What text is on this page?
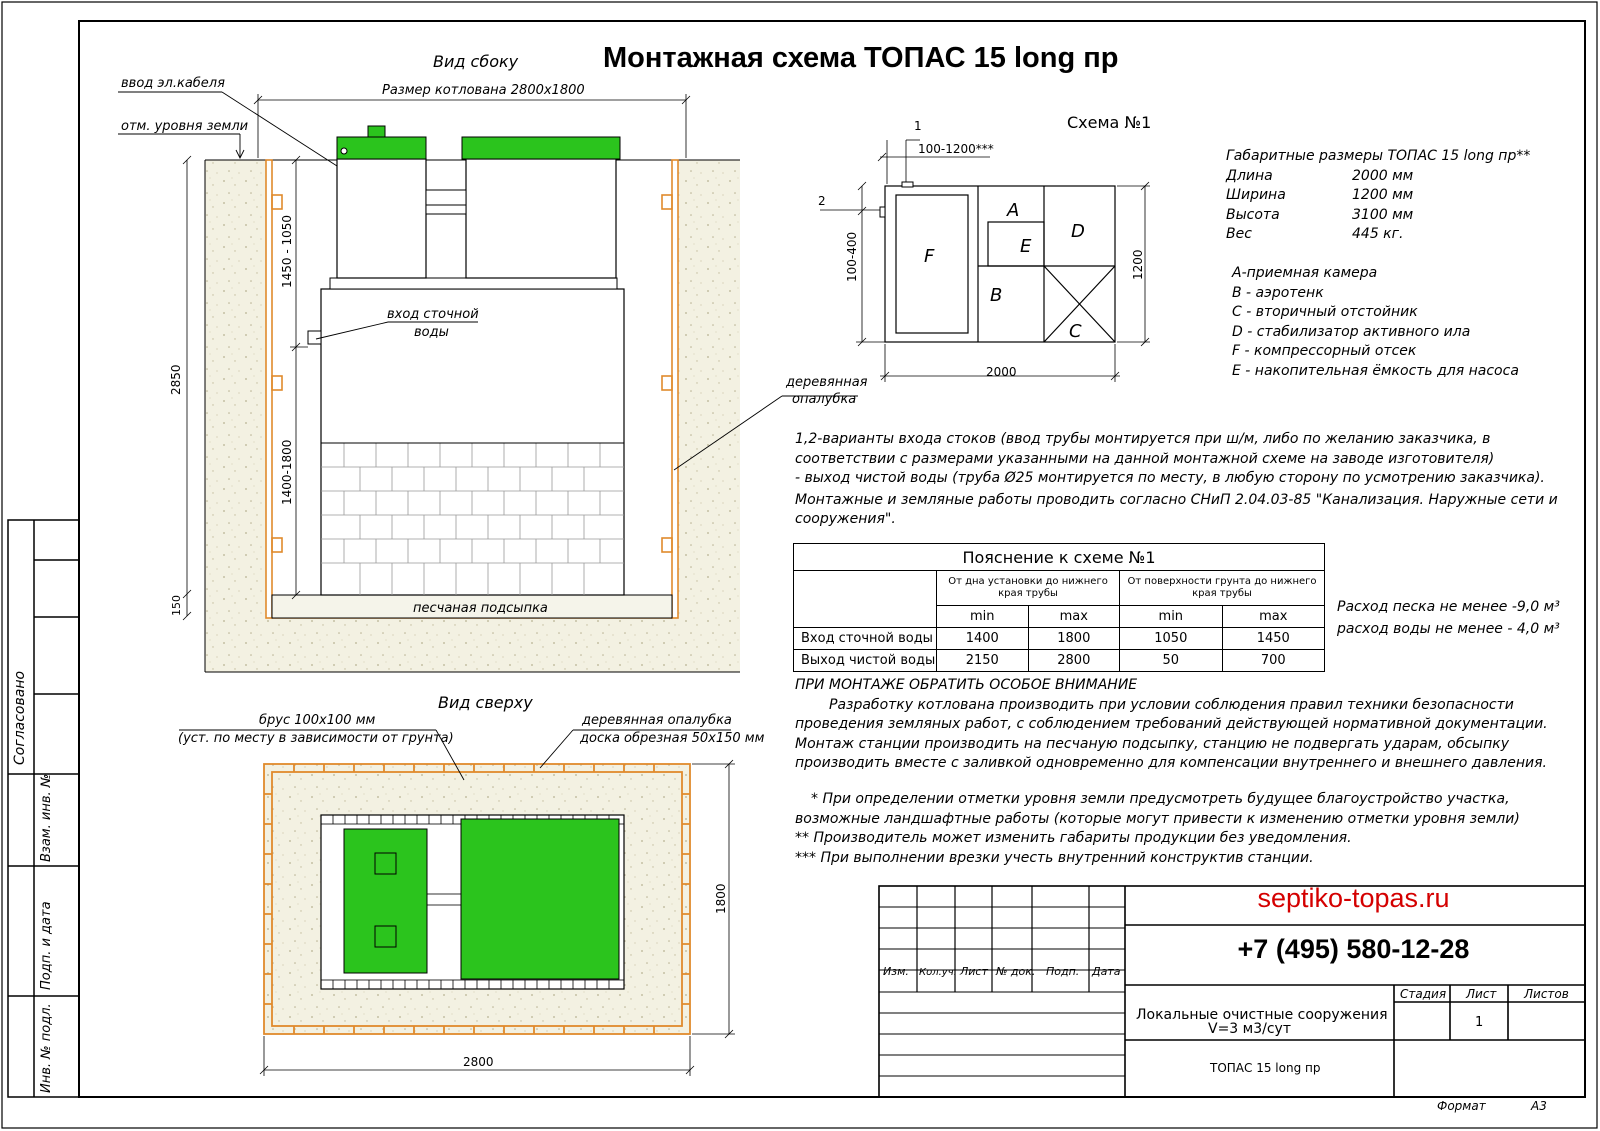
Согласовано
Взам. инв. №
Подп. и дата
Инв. № подл.
Монтажная схема ТОПАС 15 long пр
Вид сбоку
песчаная подсыпка
Размер котлована 2800х1800
2850
1450 - 1050
1400-1800
150
ввод эл.кабеля
отм. уровня земли
вход сточной
воды
деревянная
опалубка
Вид сверху
брус 100х100 мм
(уст. по месту в зависимости от грунта)
деревянная опалубка
доска обрезная 50х150 мм
2800
1800
Схема №1
A
E
D
F
B
C
1
2
100-1200***
100-400
2000
1200
Изм. Кол.уч. Лист № док. Подп. Дата
Стадия Лист Листов
1
Локальные очистные сооружения
V=3 м3/сут
ТОПАС 15 long пр
Формат	А3
Габаритные размеры ТОПАС 15 long пр**
Длина	2000 мм
Ширина	1200 мм
Высота	3100 мм
Вес	445 кг.

А-приемная камера

В - аэротенк

С - вторичный отстойник

D - стабилизатор активного ила

F - компрессорный отсек

Е - накопительная ёмкость для насоса

1,2-варианты входа стоков (ввод трубы монтируется при ш/м, либо по желанию заказчика, в соответствии с размерами указанными на данной монтажной схеме на заводе изготовителя)

- выход чистой воды (труба Ø25 монтируется по месту, в любую сторону по усмотрению заказчика).

Монтажные и земляные работы проводить согласно СНиП 2.04.03-85 "Канализация. Наружные сети и сооружения".

Пояснение к схеме №1				
	От дна установки до нижнего края трубы		От поверхности грунта до нижнего края трубы	
	min	max	min	max
Вход сточной воды	1400	1800	1050	1450
Выход чистой воды	2150	2800	50	700

Расход песка не менее -9,0 м³

расход воды не менее - 4,0 м³

ПРИ МОНТАЖЕ ОБРАТИТЬ ОСОБОЕ ВНИМАНИЕ

Разработку котлована производить при условии соблюдения правил техники безопасности проведения земляных работ, с соблюдением требований действующей нормативной документации. Монтаж станции производить на песчаную подсыпку, станцию не подвергать ударам, обсыпку производить вместе с заливкой одновременно для компенсации внутреннего и внешнего давления.

* При определении отметки уровня земли предусмотреть будущее благоустройство участка, возможные ландшафтные работы (которые могут привести к изменению отметки уровня земли)

** Производитель может изменить габариты продукции без уведомления.

*** При выполнении врезки учесть внутренний конструктив станции.

septiko-topas.ru
+7 (495) 580-12-28
